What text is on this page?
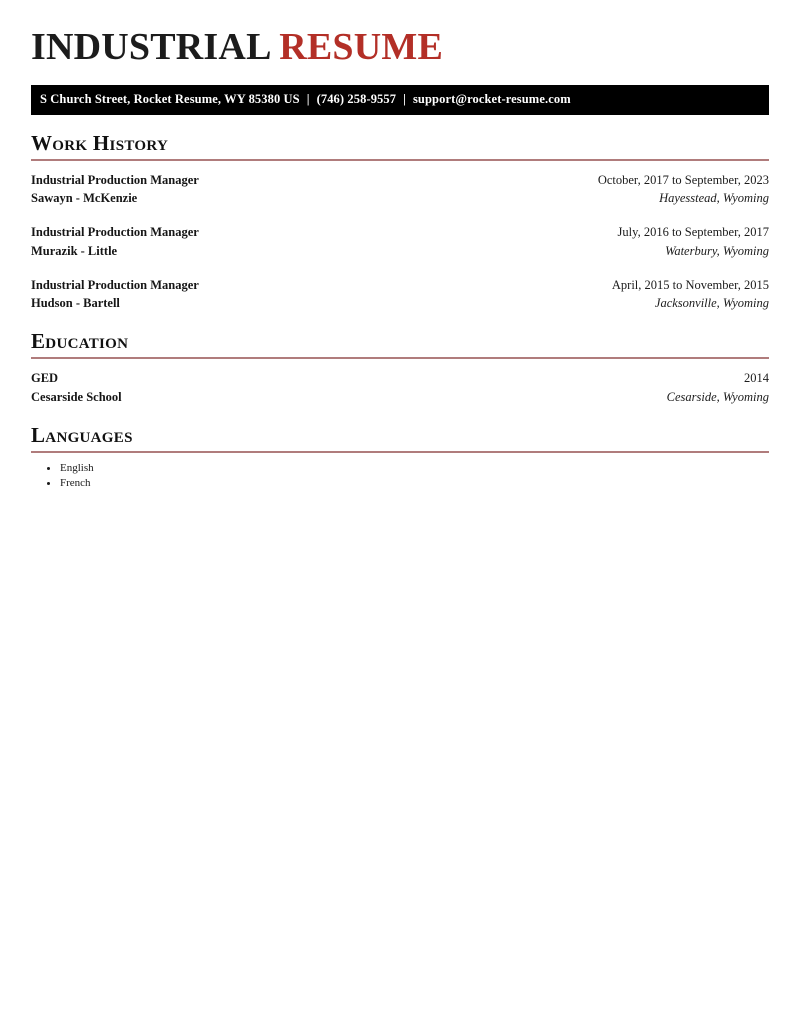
INDUSTRIAL RESUME
S Church Street, Rocket Resume, WY 85380 US | (746) 258-9557 | support@rocket-resume.com
Work History
Industrial Production Manager
Sawayn - McKenzie
October, 2017 to September, 2023
Hayesstead, Wyoming
Industrial Production Manager
Murazik - Little
July, 2016 to September, 2017
Waterbury, Wyoming
Industrial Production Manager
Hudson - Bartell
April, 2015 to November, 2015
Jacksonville, Wyoming
Education
GED
Cesarside School
2014
Cesarside, Wyoming
Languages
English
French
